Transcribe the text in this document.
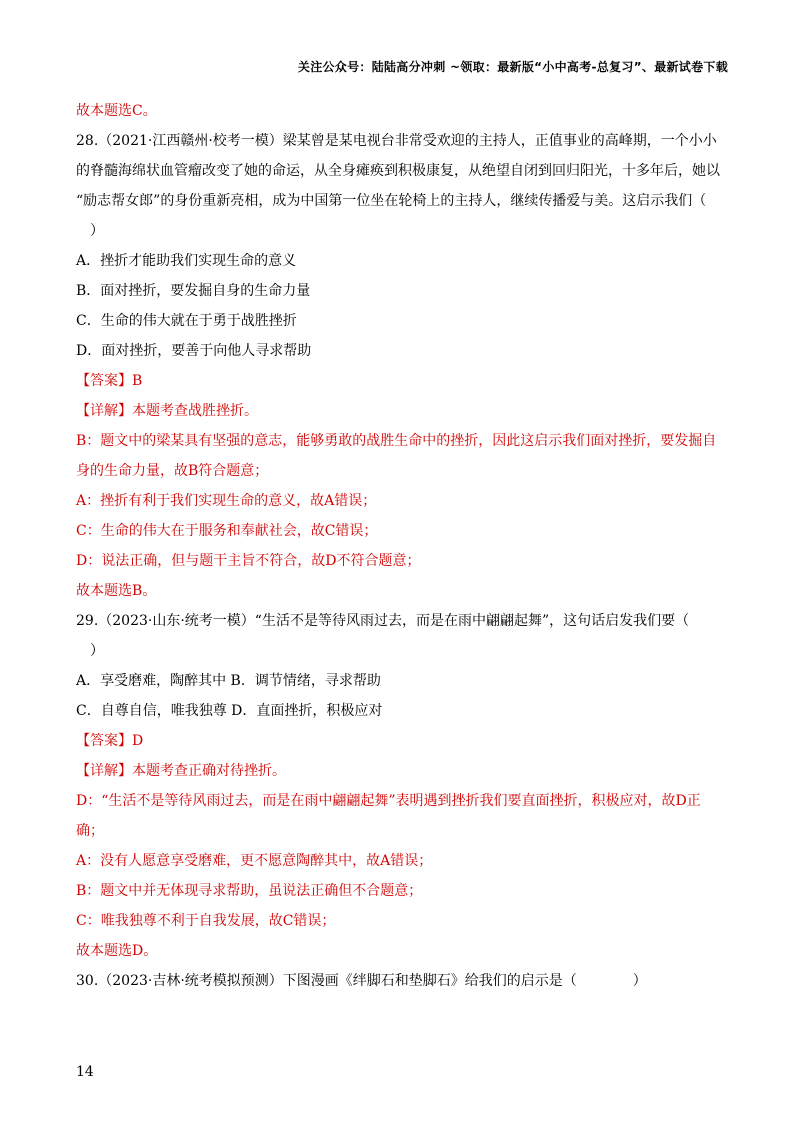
关注公众号：陆陆高分冲刺 ~领取：最新版“小中高考-总复习”、最新试卷下载
故本题选C。
28.（2021·江西赣州·校考一模）梁某曾是某电视台非常受欢迎的主持人，正值事业的高峰期，一个小小
的脊髓海绵状血管瘤改变了她的命运，从全身瘫痪到积极康复，从绝望自闭到回归阳光，十多年后，她以
“励志帮女郎”的身份重新亮相，成为中国第一位坐在轮椅上的主持人，继续传播爱与美。这启示我们（
）
A．挫折才能助我们实现生命的意义
B．面对挫折，要发掘自身的生命力量
C．生命的伟大就在于勇于战胜挫折
D．面对挫折，要善于向他人寻求帮助
【答案】B
【详解】本题考查战胜挫折。
B：题文中的梁某具有坚强的意志，能够勇敢的战胜生命中的挫折，因此这启示我们面对挫折，要发掘自
身的生命力量，故B符合题意；
A：挫折有利于我们实现生命的意义，故A错误；
C：生命的伟大在于服务和奉献社会，故C错误；
D：说法正确，但与题干主旨不符合，故D不符合题意；
故本题选B。
29.（2023·山东·统考一模）“生活不是等待风雨过去，而是在雨中翩翩起舞”，这句话启发我们要（
）
A．享受磨难，陶醉其中 B．调节情绪，寻求帮助
C．自尊自信，唯我独尊 D．直面挫折，积极应对
【答案】D
【详解】本题考查正确对待挫折。
D：“生活不是等待风雨过去，而是在雨中翩翩起舞”表明遇到挫折我们要直面挫折，积极应对，故D正
确；
A：没有人愿意享受磨难，更不愿意陶醉其中，故A错误；
B：题文中并无体现寻求帮助，虽说法正确但不合题意；
C：唯我独尊不利于自我发展，故C错误；
故本题选D。
30.（2023·吉林·统考模拟预测）下图漫画《绊脚石和垫脚石》给我们的启示是（　　　　）
14
